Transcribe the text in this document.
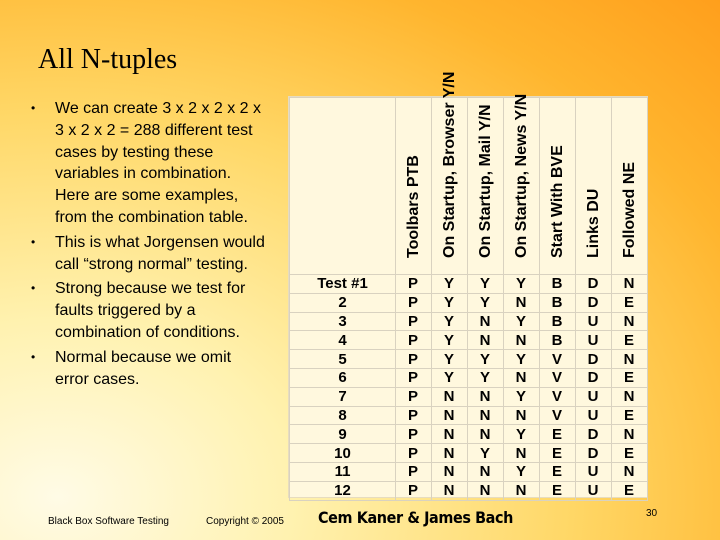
All N-tuples
• We can create 3 x 2 x 2 x 2 x 3 x 2 x 2 = 288 different test cases by testing these variables in combination. Here are some examples, from the combination table.
• This is what Jorgensen would call “strong normal” testing.
• Strong because we test for faults triggered by a combination of conditions.
• Normal because we omit error cases.

	Toolbars PTB	On Startup, Browser Y/N	On Startup, Mail Y/N	On Startup, News Y/N	Start With BVE	Links DU	Followed NE

Test #1	P	Y	Y	Y	B	D	N
2	P	Y	Y	N	B	D	E
3	P	Y	N	Y	B	U	N
4	P	Y	N	N	B	U	E
5	P	Y	Y	Y	V	D	N
6	P	Y	Y	N	V	D	E
7	P	N	N	Y	V	U	N
8	P	N	N	N	V	U	E
9	P	N	N	Y	E	D	N
10	P	N	Y	N	E	D	E
11	P	N	N	Y	E	U	N
12	P	N	N	N	E	U	E
Black Box Software Testing	Copyright © 2005 Cem Kaner & James Bach	30
